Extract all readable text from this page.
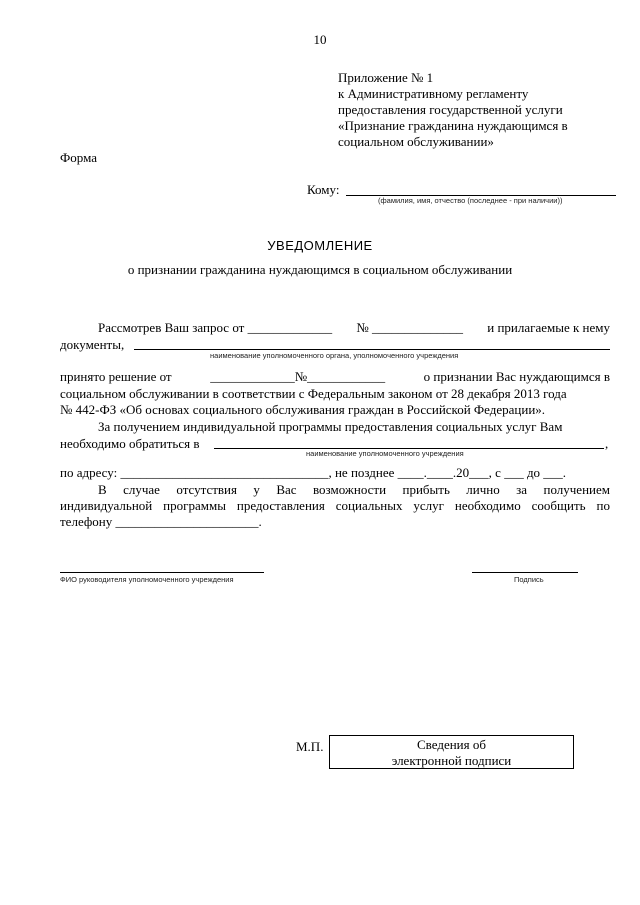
10
Приложение № 1
к Административному регламенту
предоставления государственной услуги
«Признание гражданина нуждающимся в
социальном обслуживании»
Форма
Кому:
(фамилия, имя, отчество (последнее - при наличии))
УВЕДОМЛЕНИЕ
о признании гражданина нуждающимся в социальном обслуживании
Рассмотрев Ваш запрос от _____________ № ______________ и прилагаемые к нему
документы,
наименование уполномоченного органа, уполномоченного учреждения
принято решение от	_____________№____________	о признании Вас нуждающимся в
социальном обслуживании в соответствии с Федеральным законом от 28 декабря 2013 года
№ 442-ФЗ «Об основах социального обслуживания граждан в Российской Федерации».
За получением индивидуальной программы предоставления социальных услуг Вам
необходимо обратиться в	,
наименование уполномоченного учреждения
по адресу: ________________________________, не позднее ____.____.20___, с ___ до ___.
В случае отсутствия у Вас возможности прибыть лично за получением
индивидуальной программы предоставления социальных услуг необходимо сообщить по
телефону ______________________.
ФИО руководителя уполномоченного учреждения	Подпись
М.П.	Сведения об
электронной подписи
